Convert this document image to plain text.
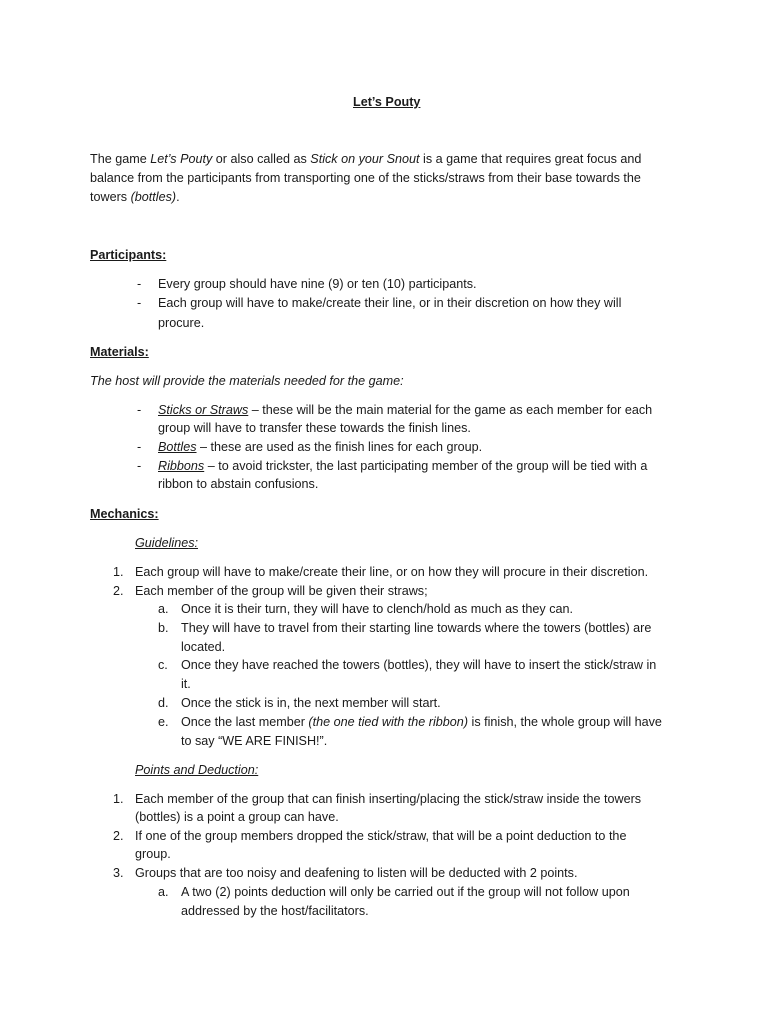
Let’s Pouty
The game Let’s Pouty or also called as Stick on your Snout is a game that requires great focus and
balance from the participants from transporting one of the sticks/straws from their base towards the
towers (bottles).
Participants:
- Every group should have nine (9) or ten (10) participants.
- Each group will have to make/create their line, or in their discretion on how they will
procure.
Materials:
The host will provide the materials needed for the game:
- Sticks or Straws – these will be the main material for the game as each member for each
group will have to transfer these towards the finish lines.
- Bottles – these are used as the finish lines for each group.
- Ribbons – to avoid trickster, the last participating member of the group will be tied with a
ribbon to abstain confusions.
Mechanics:
Guidelines:
1. Each group will have to make/create their line, or on how they will procure in their discretion.
2. Each member of the group will be given their straws;
a. Once it is their turn, they will have to clench/hold as much as they can.
b. They will have to travel from their starting line towards where the towers (bottles) are
located.
c. Once they have reached the towers (bottles), they will have to insert the stick/straw in
it.
d. Once the stick is in, the next member will start.
e. Once the last member (the one tied with the ribbon) is finish, the whole group will have
to say “WE ARE FINISH!”.
Points and Deduction:
1. Each member of the group that can finish inserting/placing the stick/straw inside the towers
(bottles) is a point a group can have.
2. If one of the group members dropped the stick/straw, that will be a point deduction to the
group.
3. Groups that are too noisy and deafening to listen will be deducted with 2 points.
a. A two (2) points deduction will only be carried out if the group will not follow upon
addressed by the host/facilitators.
